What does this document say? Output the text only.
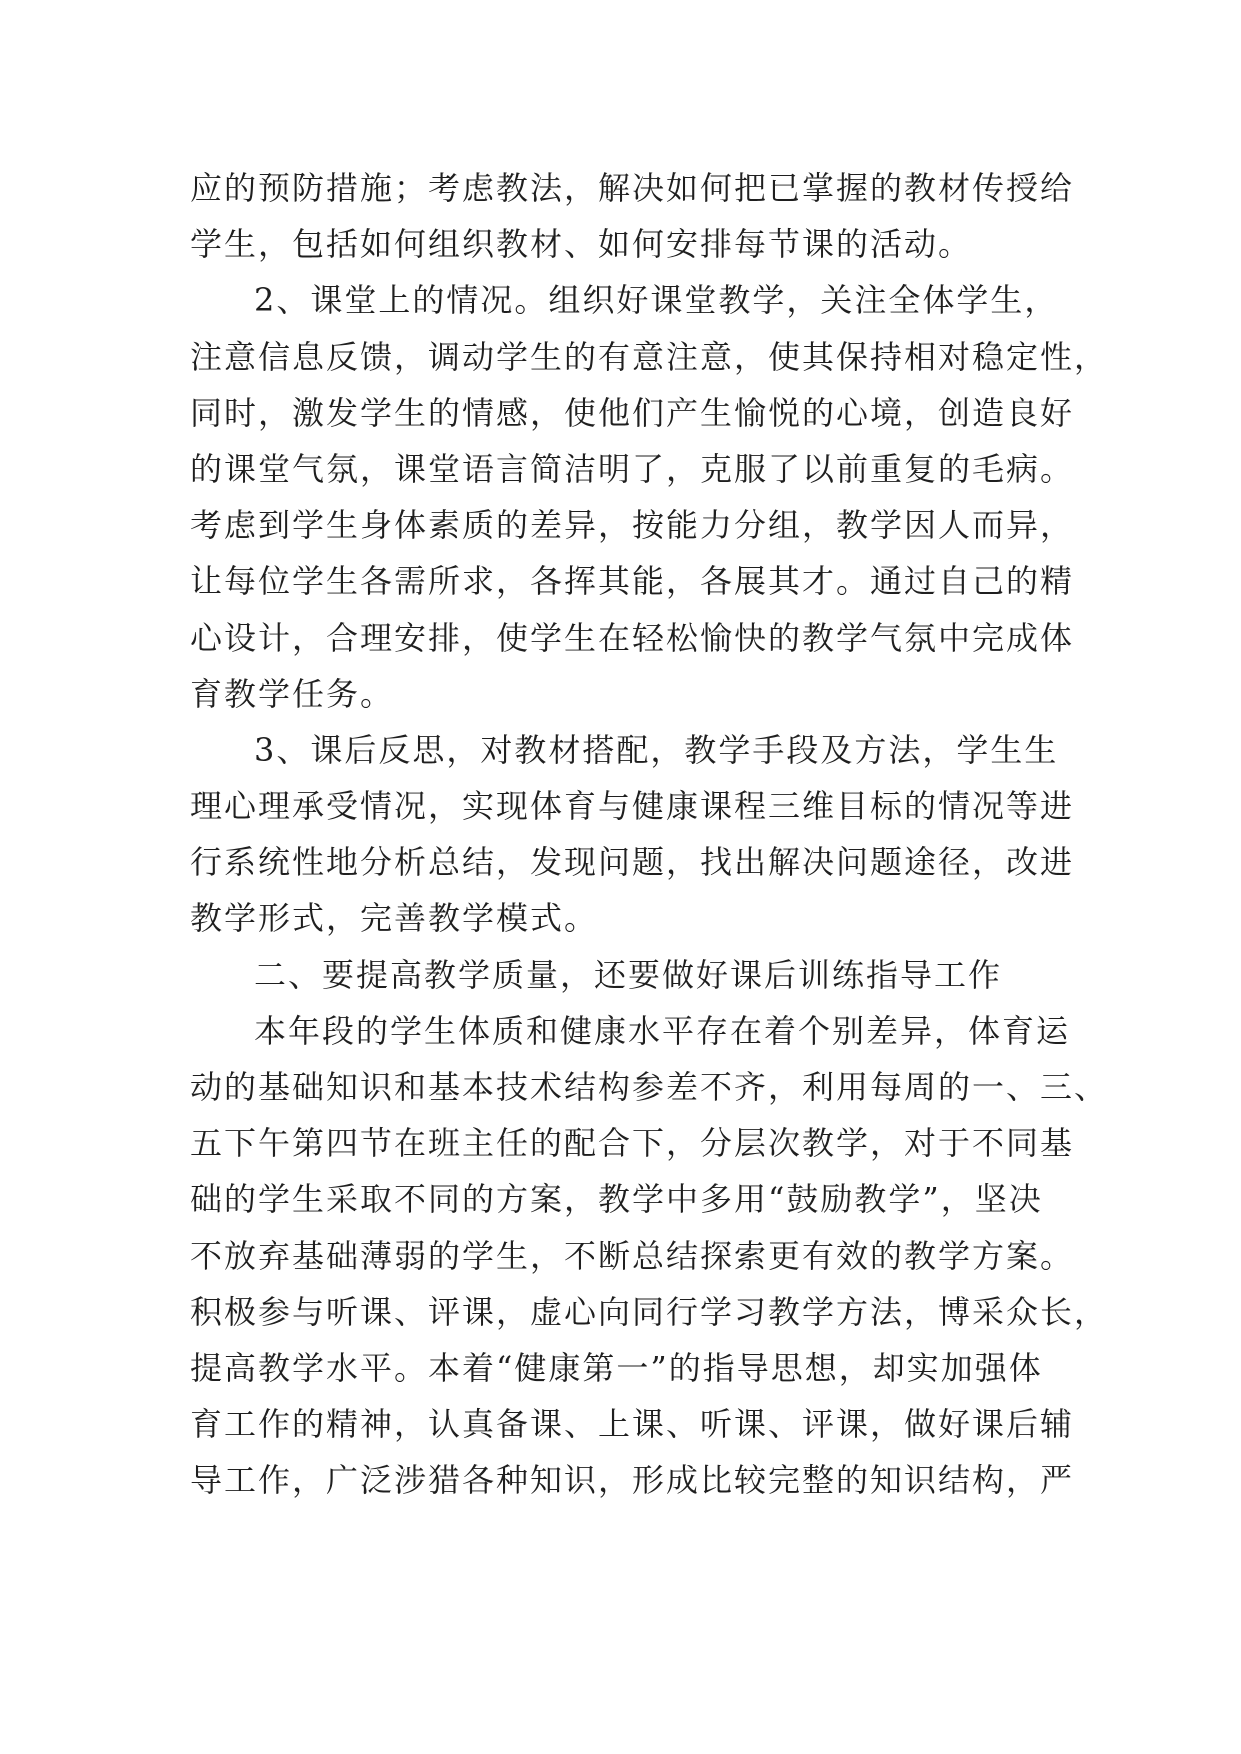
应的预防措施；考虑教法，解决如何把已掌握的教材传授给
学生，包括如何组织教材、如何安排每节课的活动。
2、课堂上的情况。组织好课堂教学，关注全体学生，
注意信息反馈，调动学生的有意注意，使其保持相对稳定性，
同时，激发学生的情感，使他们产生愉悦的心境，创造良好
的课堂气氛，课堂语言简洁明了，克服了以前重复的毛病。
考虑到学生身体素质的差异，按能力分组，教学因人而异，
让每位学生各需所求，各挥其能，各展其才。通过自己的精
心设计，合理安排，使学生在轻松愉快的教学气氛中完成体
育教学任务。
3、课后反思，对教材搭配，教学手段及方法，学生生
理心理承受情况，实现体育与健康课程三维目标的情况等进
行系统性地分析总结，发现问题，找出解决问题途径，改进
教学形式，完善教学模式。
二、要提高教学质量，还要做好课后训练指导工作
本年段的学生体质和健康水平存在着个别差异，体育运
动的基础知识和基本技术结构参差不齐，利用每周的一、三、
五下午第四节在班主任的配合下，分层次教学，对于不同基
础的学生采取不同的方案，教学中多用“鼓励教学”，坚决
不放弃基础薄弱的学生，不断总结探索更有效的教学方案。
积极参与听课、评课，虚心向同行学习教学方法，博采众长，
提高教学水平。本着“健康第一”的指导思想，却实加强体
育工作的精神，认真备课、上课、听课、评课，做好课后辅
导工作，广泛涉猎各种知识，形成比较完整的知识结构，严
